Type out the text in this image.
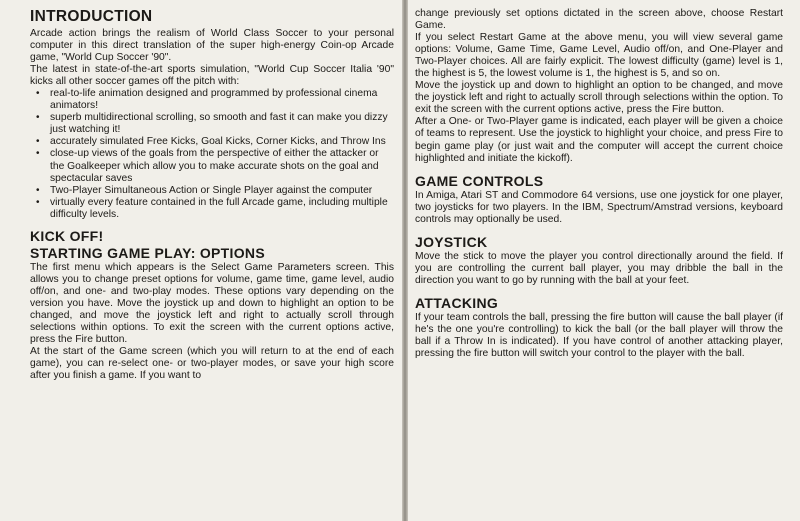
INTRODUCTION

Arcade action brings the realism of World Class Soccer to your personal computer in this direct translation of the super high-energy Coin-op Arcade game, "World Cup Soccer '90".

The latest in state-of-the-art sports simulation, "World Cup Soccer Italia '90" kicks all other soccer games off the pitch with:

• real-to-life animation designed and programmed by professional cinema animators!
• superb multidirectional scrolling, so smooth and fast it can make you dizzy just watching it!
• accurately simulated Free Kicks, Goal Kicks, Corner Kicks, and Throw Ins
• close-up views of the goals from the perspective of either the attacker or the Goalkeeper which allow you to make accurate shots on the goal and spectacular saves
• Two-Player Simultaneous Action or Single Player against the computer
• virtually every feature contained in the full Arcade game, including multiple difficulty levels.
KICK OFF!
STARTING GAME PLAY: OPTIONS

The first menu which appears is the Select Game Parameters screen. This allows you to change preset options for volume, game time, game level, audio off/on, and one- and two-play modes. These options vary depending on the version you have. Move the joystick up and down to highlight an option to be changed, and move the joystick left and right to actually scroll through selections within options. To exit the screen with the current options active, press the Fire button.

At the start of the Game screen (which you will return to at the end of each game), you can re-select one- or two-player modes, or save your high score after you finish a game. If you want to

change previously set options dictated in the screen above, choose Restart Game.

If you select Restart Game at the above menu, you will view several game options: Volume, Game Time, Game Level, Audio off/on, and One-Player and Two-Player choices. All are fairly explicit. The lowest difficulty (game) level is 1, the highest is 5, the lowest volume is 1, the highest is 5, and so on.

Move the joystick up and down to highlight an option to be changed, and move the joystick left and right to actually scroll through selections within the option. To exit the screen with the current options active, press the Fire button.

After a One- or Two-Player game is indicated, each player will be given a choice of teams to represent. Use the joystick to highlight your choice, and press Fire to begin game play (or just wait and the computer will accept the current choice highlighted and initiate the kickoff).

GAME CONTROLS

In Amiga, Atari ST and Commodore 64 versions, use one joystick for one player, two joysticks for two players. In the IBM, Spectrum/Amstrad versions, keyboard controls may optionally be used.

JOYSTICK

Move the stick to move the player you control directionally around the field. If you are controlling the current ball player, you may dribble the ball in the direction you want to go by running with the ball at your feet.

ATTACKING

If your team controls the ball, pressing the fire button will cause the ball player (if he's the one you're controlling) to kick the ball (or the ball player will throw the ball if a Throw In is indicated). If you have control of another attacking player, pressing the fire button will switch your control to the player with the ball.
